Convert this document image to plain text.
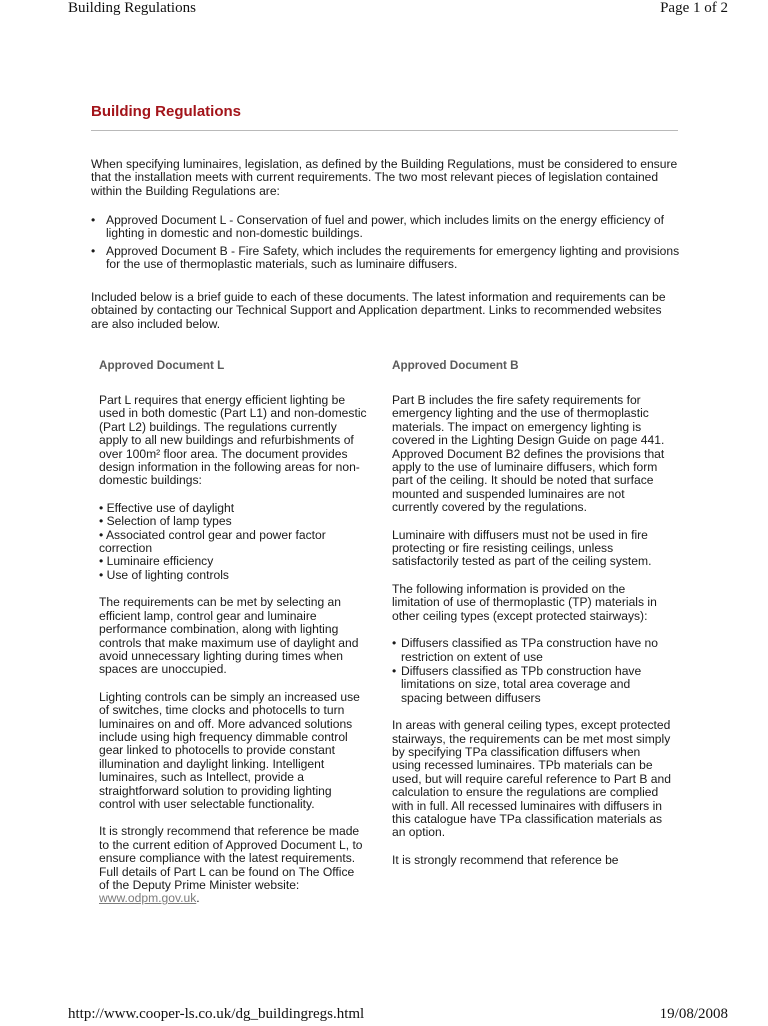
Building Regulations	Page 1 of 2
Building Regulations

When specifying luminaires, legislation, as defined by the Building Regulations, must be considered to ensure that the installation meets with current requirements. The two most relevant pieces of legislation contained within the Building Regulations are:

• Approved Document L - Conservation of fuel and power, which includes limits on the energy efficiency of lighting in domestic and non-domestic buildings.
• Approved Document B - Fire Safety, which includes the requirements for emergency lighting and provisions for the use of thermoplastic materials, such as luminaire diffusers.

Included below is a brief guide to each of these documents. The latest information and requirements can be obtained by contacting our Technical Support and Application department. Links to recommended websites are also included below.

Approved Document L

Part L requires that energy efficient lighting be used in both domestic (Part L1) and non-domestic (Part L2) buildings. The regulations currently apply to all new buildings and refurbishments of over 100m² floor area. The document provides design information in the following areas for non-domestic buildings:

• Effective use of daylight
• Selection of lamp types
• Associated control gear and power factor correction
• Luminaire efficiency
• Use of lighting controls

The requirements can be met by selecting an efficient lamp, control gear and luminaire performance combination, along with lighting controls that make maximum use of daylight and avoid unnecessary lighting during times when spaces are unoccupied.

Lighting controls can be simply an increased use of switches, time clocks and photocells to turn luminaires on and off. More advanced solutions include using high frequency dimmable control gear linked to photocells to provide constant illumination and daylight linking. Intelligent luminaires, such as Intellect, provide a straightforward solution to providing lighting control with user selectable functionality.

It is strongly recommend that reference be made to the current edition of Approved Document L, to ensure compliance with the latest requirements. Full details of Part L can be found on The Office of the Deputy Prime Minister website: www.odpm.gov.uk.

Approved Document B

Part B includes the fire safety requirements for emergency lighting and the use of thermoplastic materials. The impact on emergency lighting is covered in the Lighting Design Guide on page 441. Approved Document B2 defines the provisions that apply to the use of luminaire diffusers, which form part of the ceiling. It should be noted that surface mounted and suspended luminaires are not currently covered by the regulations.

Luminaire with diffusers must not be used in fire protecting or fire resisting ceilings, unless satisfactorily tested as part of the ceiling system.

The following information is provided on the limitation of use of thermoplastic (TP) materials in other ceiling types (except protected stairways):

• Diffusers classified as TPa construction have no restriction on extent of use
• Diffusers classified as TPb construction have limitations on size, total area coverage and spacing between diffusers

In areas with general ceiling types, except protected stairways, the requirements can be met most simply by specifying TPa classification diffusers when using recessed luminaires. TPb materials can be used, but will require careful reference to Part B and calculation to ensure the regulations are complied with in full. All recessed luminaires with diffusers in this catalogue have TPa classification materials as an option.

It is strongly recommend that reference be

http://www.cooper-ls.co.uk/dg_buildingregs.html	19/08/2008
